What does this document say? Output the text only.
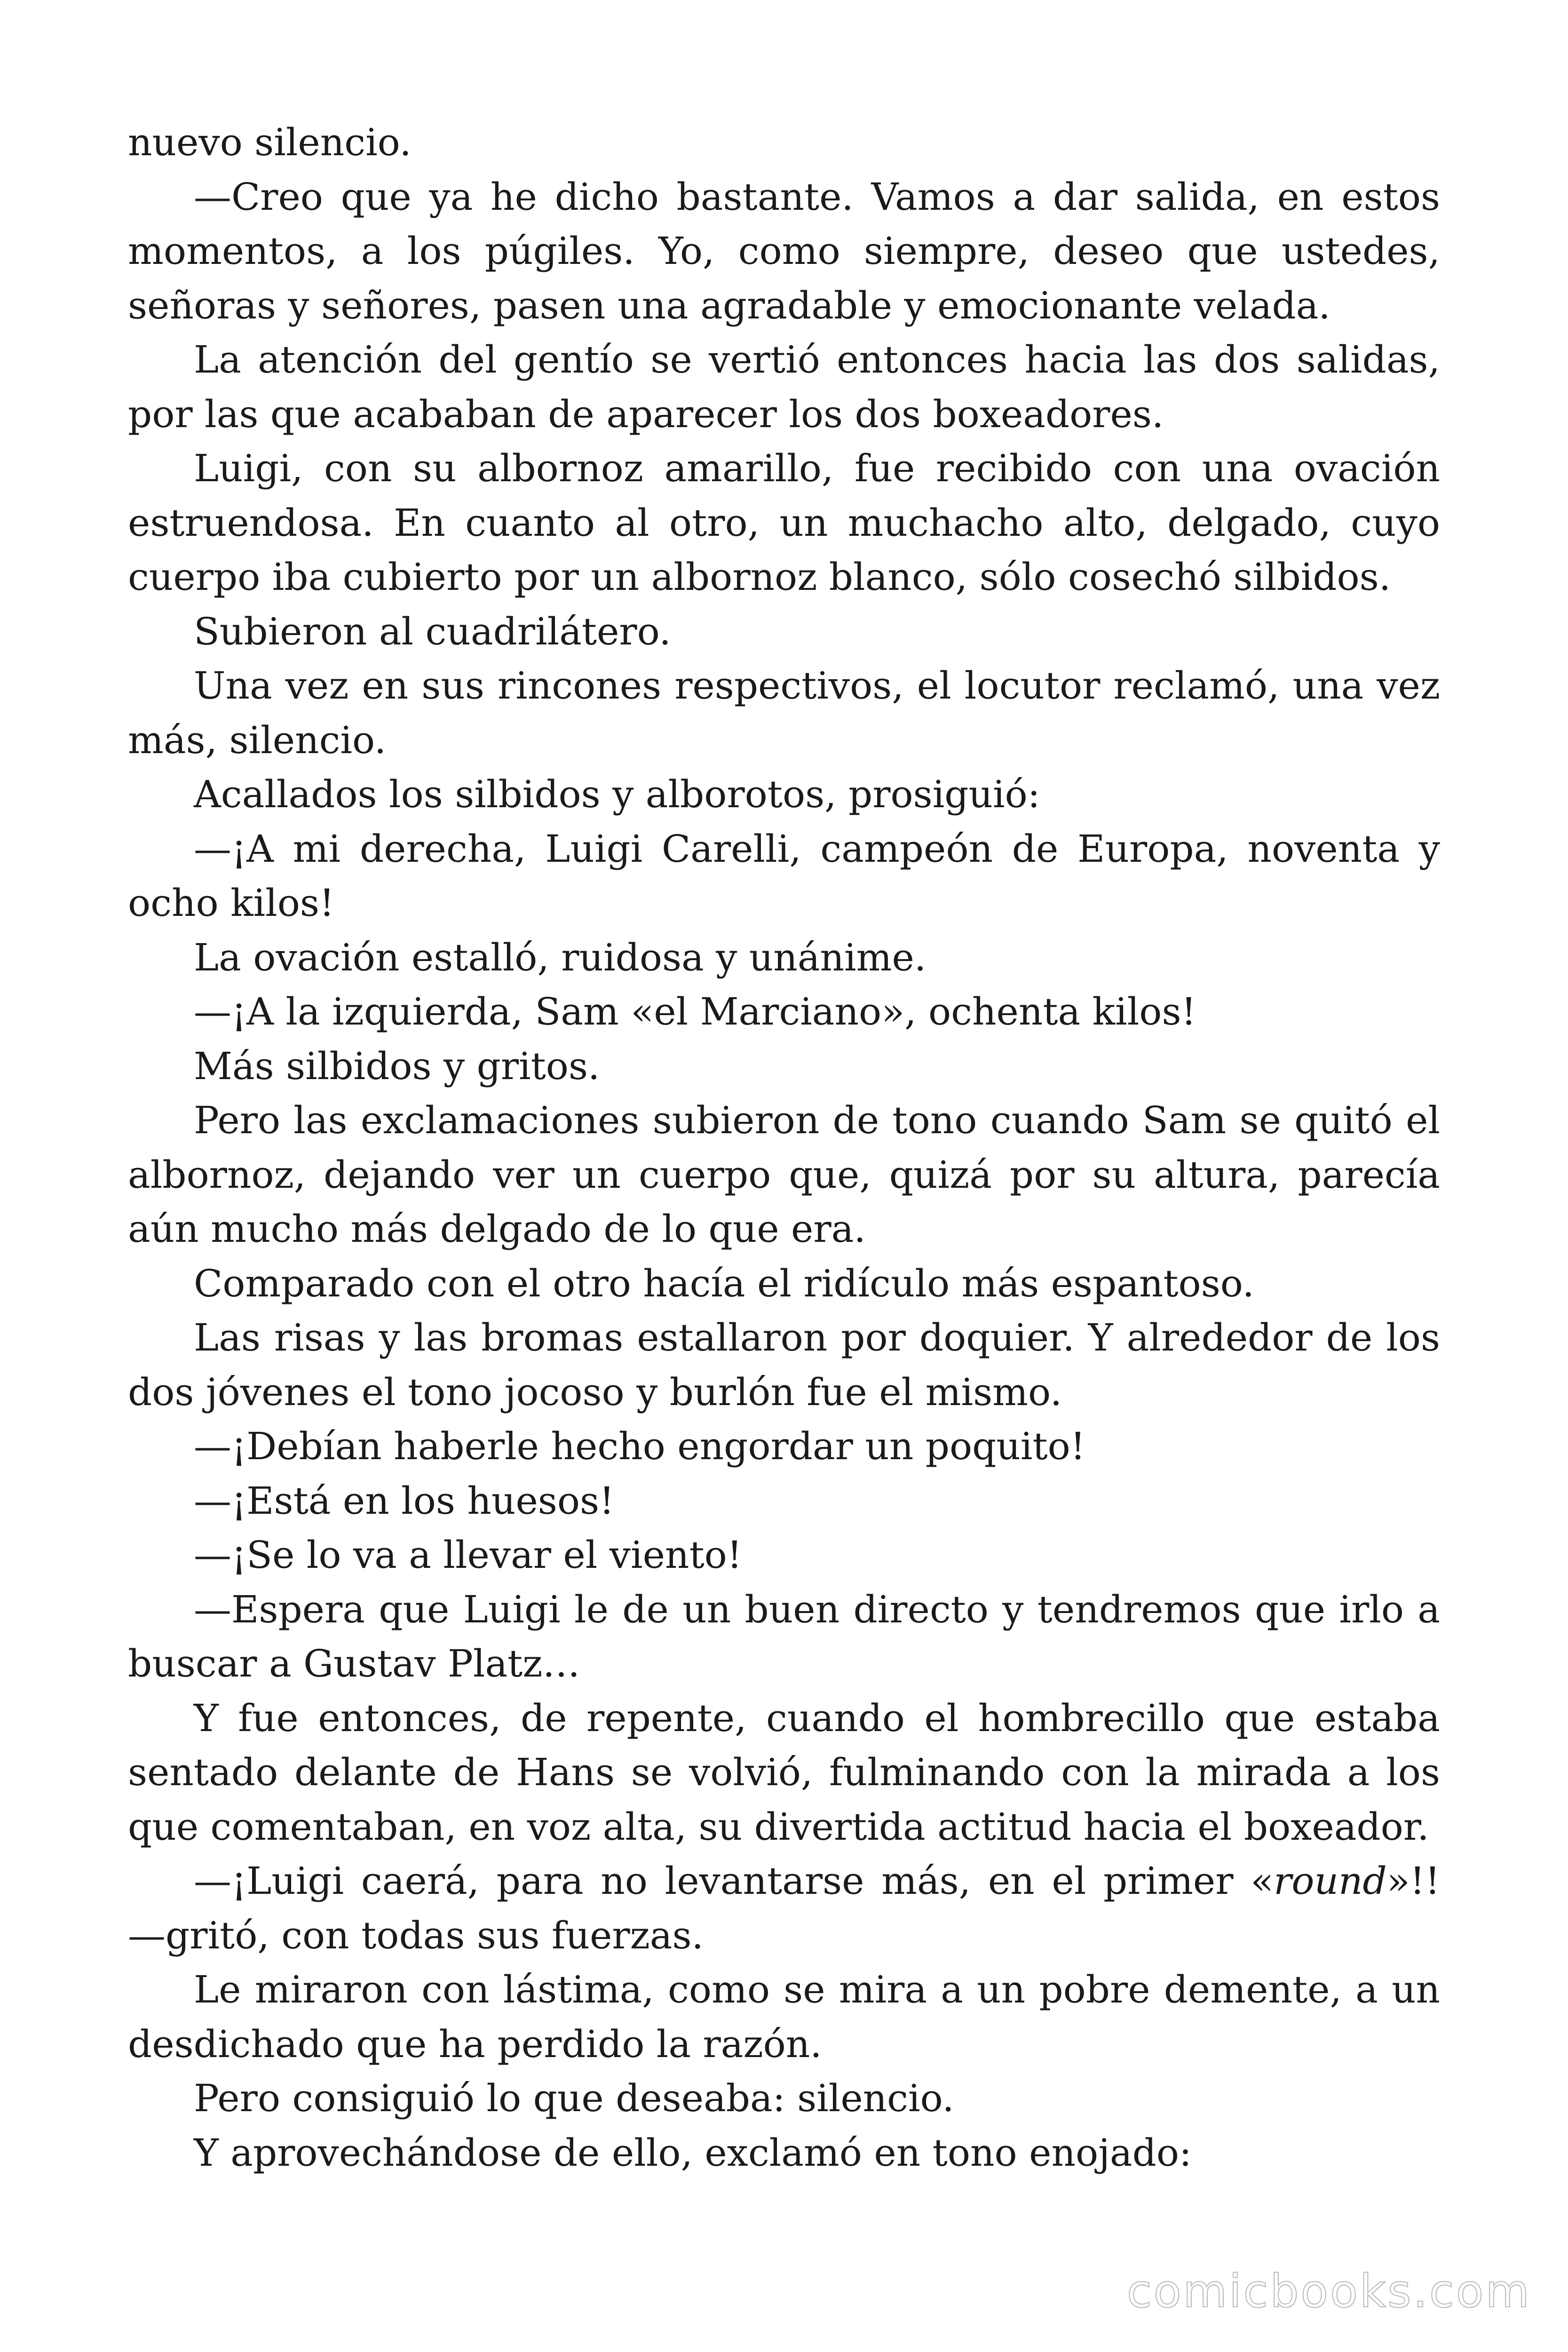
nuevo silencio.

—Creo que ya he dicho bastante. Vamos a dar salida, en estos momentos, a los púgiles. Yo, como siempre, deseo que ustedes, señoras y señores, pasen una agradable y emocionante velada.

La atención del gentío se vertió entonces hacia las dos salidas, por las que acababan de aparecer los dos boxeadores.

Luigi, con su albornoz amarillo, fue recibido con una ovación estruendosa. En cuanto al otro, un muchacho alto, delgado, cuyo cuerpo iba cubierto por un albornoz blanco, sólo cosechó silbidos.

Subieron al cuadrilátero.

Una vez en sus rincones respectivos, el locutor reclamó, una vez más, silencio.

Acallados los silbidos y alborotos, prosiguió:

—¡A mi derecha, Luigi Carelli, campeón de Europa, noventa y ocho kilos!

La ovación estalló, ruidosa y unánime.

—¡A la izquierda, Sam «el Marciano», ochenta kilos!

Más silbidos y gritos.

Pero las exclamaciones subieron de tono cuando Sam se quitó el albornoz, dejando ver un cuerpo que, quizá por su altura, parecía aún mucho más delgado de lo que era.

Comparado con el otro hacía el ridículo más espantoso.

Las risas y las bromas estallaron por doquier. Y alrededor de los dos jóvenes el tono jocoso y burlón fue el mismo.

—¡Debían haberle hecho engordar un poquito!

—¡Está en los huesos!

—¡Se lo va a llevar el viento!

—Espera que Luigi le de un buen directo y tendremos que irlo a buscar a Gustav Platz…

Y fue entonces, de repente, cuando el hombrecillo que estaba sentado delante de Hans se volvió, fulminando con la mirada a los que comentaban, en voz alta, su divertida actitud hacia el boxeador.

—¡Luigi caerá, para no levantarse más, en el primer «round»!! —gritó, con todas sus fuerzas.

Le miraron con lástima, como se mira a un pobre demente, a un desdichado que ha perdido la razón.

Pero consiguió lo que deseaba: silencio.

Y aprovechándose de ello, exclamó en tono enojado:

comicbooks.com
